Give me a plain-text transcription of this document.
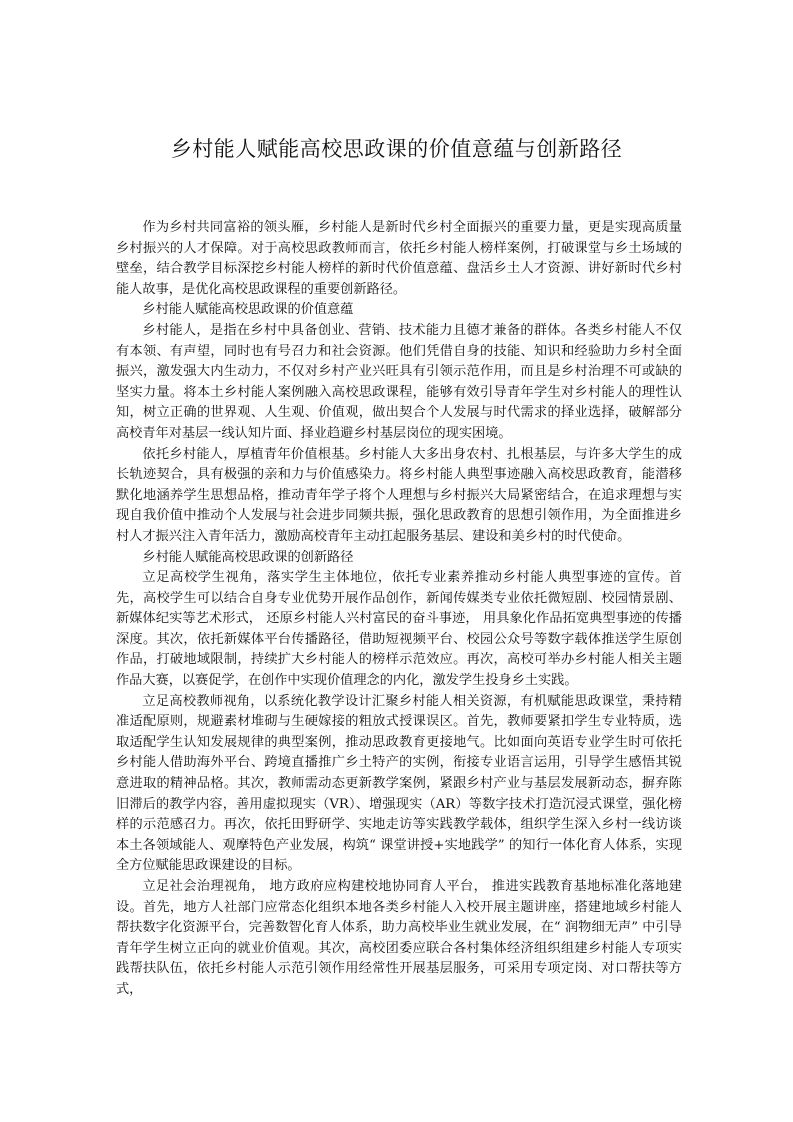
乡村能人赋能高校思政课的价值意蕴与创新路径

作为乡村共同富裕的领头雁，乡村能人是新时代乡村全面振兴的重要力量，更是实现高质量乡村振兴的人才保障。对于高校思政教师而言，依托乡村能人榜样案例，打破课堂与乡土场域的壁垒，结合教学目标深挖乡村能人榜样的新时代价值意蕴、盘活乡土人才资源、讲好新时代乡村能人故事，是优化高校思政课程的重要创新路径。

乡村能人赋能高校思政课的价值意蕴

乡村能人，是指在乡村中具备创业、营销、技术能力且德才兼备的群体。各类乡村能人不仅有本领、有声望，同时也有号召力和社会资源。他们凭借自身的技能、知识和经验助力乡村全面振兴，激发强大内生动力，不仅对乡村产业兴旺具有引领示范作用，而且是乡村治理不可或缺的坚实力量。将本土乡村能人案例融入高校思政课程，能够有效引导青年学生对乡村能人的理性认知，树立正确的世界观、人生观、价值观，做出契合个人发展与时代需求的择业选择，破解部分高校青年对基层一线认知片面、择业趋避乡村基层岗位的现实困境。

依托乡村能人，厚植青年价值根基。乡村能人大多出身农村、扎根基层，与许多大学生的成长轨迹契合，具有极强的亲和力与价值感染力。将乡村能人典型事迹融入高校思政教育，能潜移默化地涵养学生思想品格，推动青年学子将个人理想与乡村振兴大局紧密结合，在追求理想与实现自我价值中推动个人发展与社会进步同频共振，强化思政教育的思想引领作用，为全面推进乡村人才振兴注入青年活力，激励高校青年主动扛起服务基层、建设和美乡村的时代使命。

乡村能人赋能高校思政课的创新路径

立足高校学生视角，落实学生主体地位，依托专业素养推动乡村能人典型事迹的宣传。首先，高校学生可以结合自身专业优势开展作品创作，新闻传媒类专业依托微短剧、校园情景剧、新媒体纪实等艺术形式， 还原乡村能人兴村富民的奋斗事迹， 用具象化作品拓宽典型事迹的传播深度。其次，依托新媒体平台传播路径，借助短视频平台、校园公众号等数字载体推送学生原创作品，打破地域限制，持续扩大乡村能人的榜样示范效应。再次，高校可举办乡村能人相关主题作品大赛，以赛促学，在创作中实现价值理念的内化，激发学生投身乡土实践。

立足高校教师视角，以系统化教学设计汇聚乡村能人相关资源，有机赋能思政课堂，秉持精准适配原则，规避素材堆砌与生硬嫁接的粗放式授课误区。首先，教师要紧扣学生专业特质，选取适配学生认知发展规律的典型案例，推动思政教育更接地气。比如面向英语专业学生时可依托乡村能人借助海外平台、跨境直播推广乡土特产的实例，衔接专业语言运用，引导学生感悟其锐意进取的精神品格。其次，教师需动态更新教学案例，紧跟乡村产业与基层发展新动态，摒弃陈旧滞后的教学内容，善用虚拟现实（VR）、增强现实（AR）等数字技术打造沉浸式课堂，强化榜样的示范感召力。再次，依托田野研学、实地走访等实践教学载体，组织学生深入乡村一线访谈本土各领域能人、观摩特色产业发展，构筑“ 课堂讲授+实地践学” 的知行一体化育人体系，实现全方位赋能思政课建设的目标。

立足社会治理视角， 地方政府应构建校地协同育人平台， 推进实践教育基地标准化落地建设。首先，地方人社部门应常态化组织本地各类乡村能人入校开展主题讲座，搭建地域乡村能人帮扶数字化资源平台，完善数智化育人体系，助力高校毕业生就业发展，在“ 润物细无声” 中引导青年学生树立正向的就业价值观。其次，高校团委应联合各村集体经济组织组建乡村能人专项实践帮扶队伍，依托乡村能人示范引领作用经常性开展基层服务，可采用专项定岗、对口帮扶等方式，
